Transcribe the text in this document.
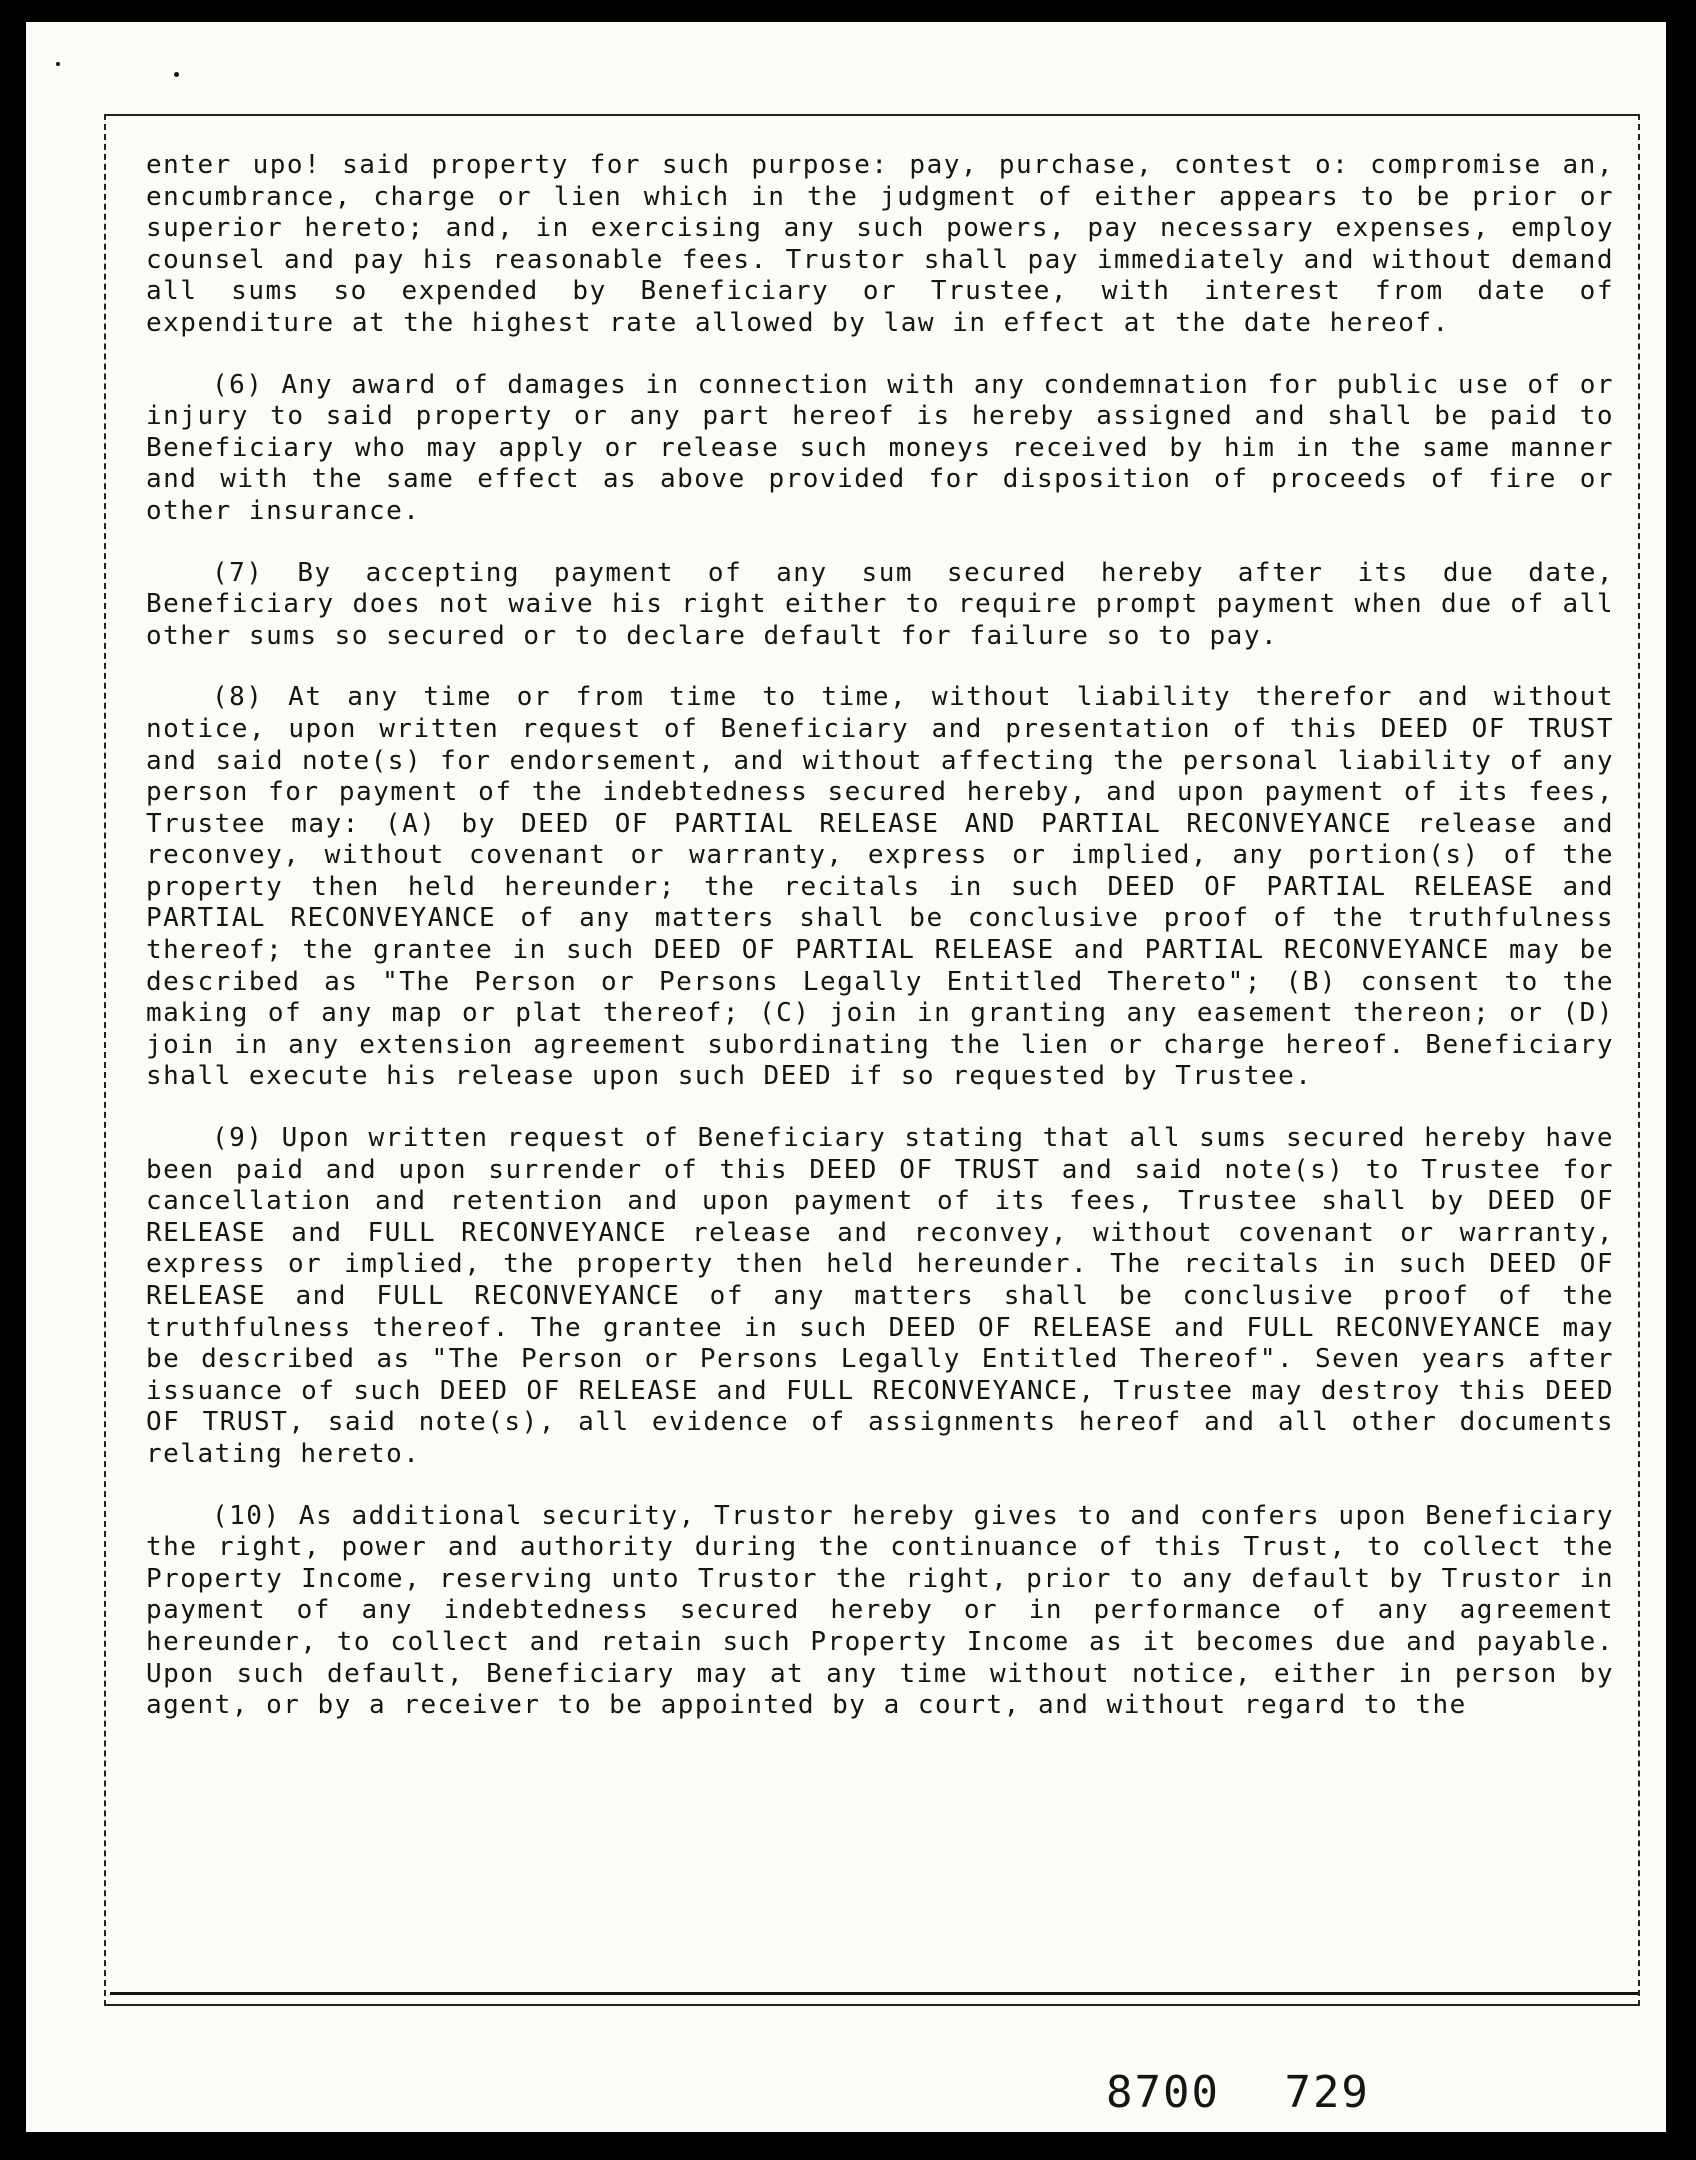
enter upo! said property for such purpose: pay, purchase, contest o: compromise an, encumbrance, charge or lien which in the judgment of either appears to be prior or superior hereto; and, in exercising any such powers, pay necessary expenses, employ counsel and pay his reasonable fees. Trustor shall pay immediately and without demand all sums so expended by Beneficiary or Trustee, with interest from date of expenditure at the highest rate allowed by law in effect at the date hereof.

(6) Any award of damages in connection with any condemnation for public use of or injury to said property or any part hereof is hereby assigned and shall be paid to Beneficiary who may apply or release such moneys received by him in the same manner and with the same effect as above provided for disposition of proceeds of fire or other insurance.

(7) By accepting payment of any sum secured hereby after its due date, Beneficiary does not waive his right either to require prompt payment when due of all other sums so secured or to declare default for failure so to pay.

(8) At any time or from time to time, without liability therefor and without notice, upon written request of Beneficiary and presentation of this DEED OF TRUST and said note(s) for endorsement, and without affecting the personal liability of any person for payment of the indebtedness secured hereby, and upon payment of its fees, Trustee may: (A) by DEED OF PARTIAL RELEASE AND PARTIAL RECONVEYANCE release and reconvey, without covenant or warranty, express or implied, any portion(s) of the property then held hereunder; the recitals in such DEED OF PARTIAL RELEASE and PARTIAL RECONVEYANCE of any matters shall be conclusive proof of the truthfulness thereof; the grantee in such DEED OF PARTIAL RELEASE and PARTIAL RECONVEYANCE may be described as "The Person or Persons Legally Entitled Thereto"; (B) consent to the making of any map or plat thereof; (C) join in granting any easement thereon; or (D) join in any extension agreement subordinating the lien or charge hereof. Beneficiary shall execute his release upon such DEED if so requested by Trustee.

(9) Upon written request of Beneficiary stating that all sums secured hereby have been paid and upon surrender of this DEED OF TRUST and said note(s) to Trustee for cancellation and retention and upon payment of its fees, Trustee shall by DEED OF RELEASE and FULL RECONVEYANCE release and reconvey, without covenant or warranty, express or implied, the property then held hereunder. The recitals in such DEED OF RELEASE and FULL RECONVEYANCE of any matters shall be conclusive proof of the truthfulness thereof. The grantee in such DEED OF RELEASE and FULL RECONVEYANCE may be described as "The Person or Persons Legally Entitled Thereof". Seven years after issuance of such DEED OF RELEASE and FULL RECONVEYANCE, Trustee may destroy this DEED OF TRUST, said note(s), all evidence of assignments hereof and all other documents relating hereto.

(10) As additional security, Trustor hereby gives to and confers upon Beneficiary the right, power and authority during the continuance of this Trust, to collect the Property Income, reserving unto Trustor the right, prior to any default by Trustor in payment of any indebtedness secured hereby or in performance of any agreement hereunder, to collect and retain such Property Income as it becomes due and payable. Upon such default, Beneficiary may at any time without notice, either in person by agent, or by a receiver to be appointed by a court, and without regard to the

8700 729
